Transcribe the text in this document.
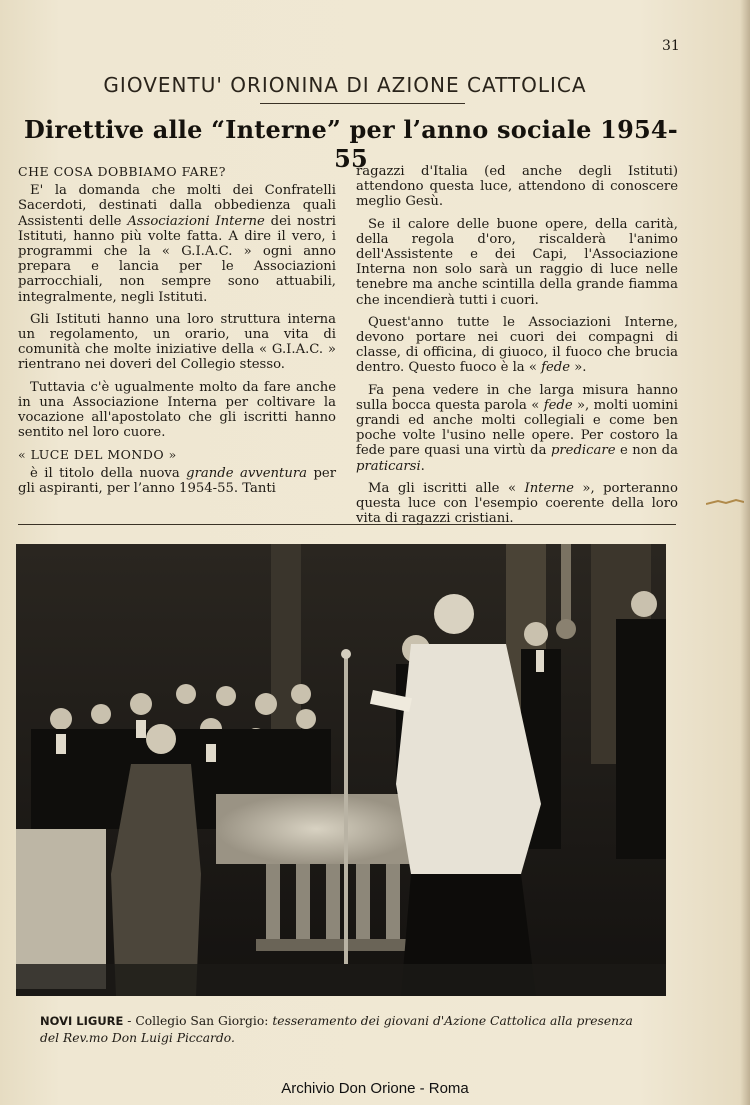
31
GIOVENTU' ORIONINA DI AZIONE CATTOLICA
Direttive alle “Interne” per l’anno sociale 1954-55
CHE COSA DOBBIAMO FARE?

E' la domanda che molti dei Confratelli Sacerdoti, destinati dalla obbedienza quali Assistenti delle Associazioni Interne dei nostri Istituti, hanno più volte fatta. A dire il vero, i programmi che la « G.I.A.C. » ogni anno prepara e lancia per le Associazioni parrocchiali, non sempre sono attuabili, integralmente, negli Istituti.

Gli Istituti hanno una loro struttura interna un regolamento, un orario, una vita di comunità che molte iniziative della « G.I.A.C. » rientrano nei doveri del Collegio stesso.

Tuttavia c'è ugualmente molto da fare anche in una Associazione Interna per coltivare la vocazione all'apostolato che gli iscritti hanno sentito nel loro cuore.

« LUCE DEL MONDO »

è il titolo della nuova grande avventura per gli aspiranti, per l’anno 1954-55. Tanti

ragazzi d'Italia (ed anche degli Istituti) attendono questa luce, attendono di conoscere meglio Gesù.

Se il calore delle buone opere, della carità, della regola d'oro, riscalderà l'animo dell'Assistente e dei Capi, l'Associazione Interna non solo sarà un raggio di luce nelle tenebre ma anche scintilla della grande fiamma che incendierà tutti i cuori.

Quest'anno tutte le Associazioni Interne, devono portare nei cuori dei compagni di classe, di officina, di giuoco, il fuoco che brucia dentro. Questo fuoco è la « fede ».

Fa pena vedere in che larga misura hanno sulla bocca questa parola « fede », molti uomini grandi ed anche molti collegiali e come ben poche volte l'usino nelle opere. Per costoro la fede pare quasi una virtù da predicare e non da praticarsi.

Ma gli iscritti alle « Interne », porteranno questa luce con l'esempio coerente della loro vita di ragazzi cristiani.

NOVI LIGURE - Collegio San Giorgio: tesseramento dei giovani d'Azione Cattolica alla presenza del Rev.mo Don Luigi Piccardo.
Archivio Don Orione - Roma
